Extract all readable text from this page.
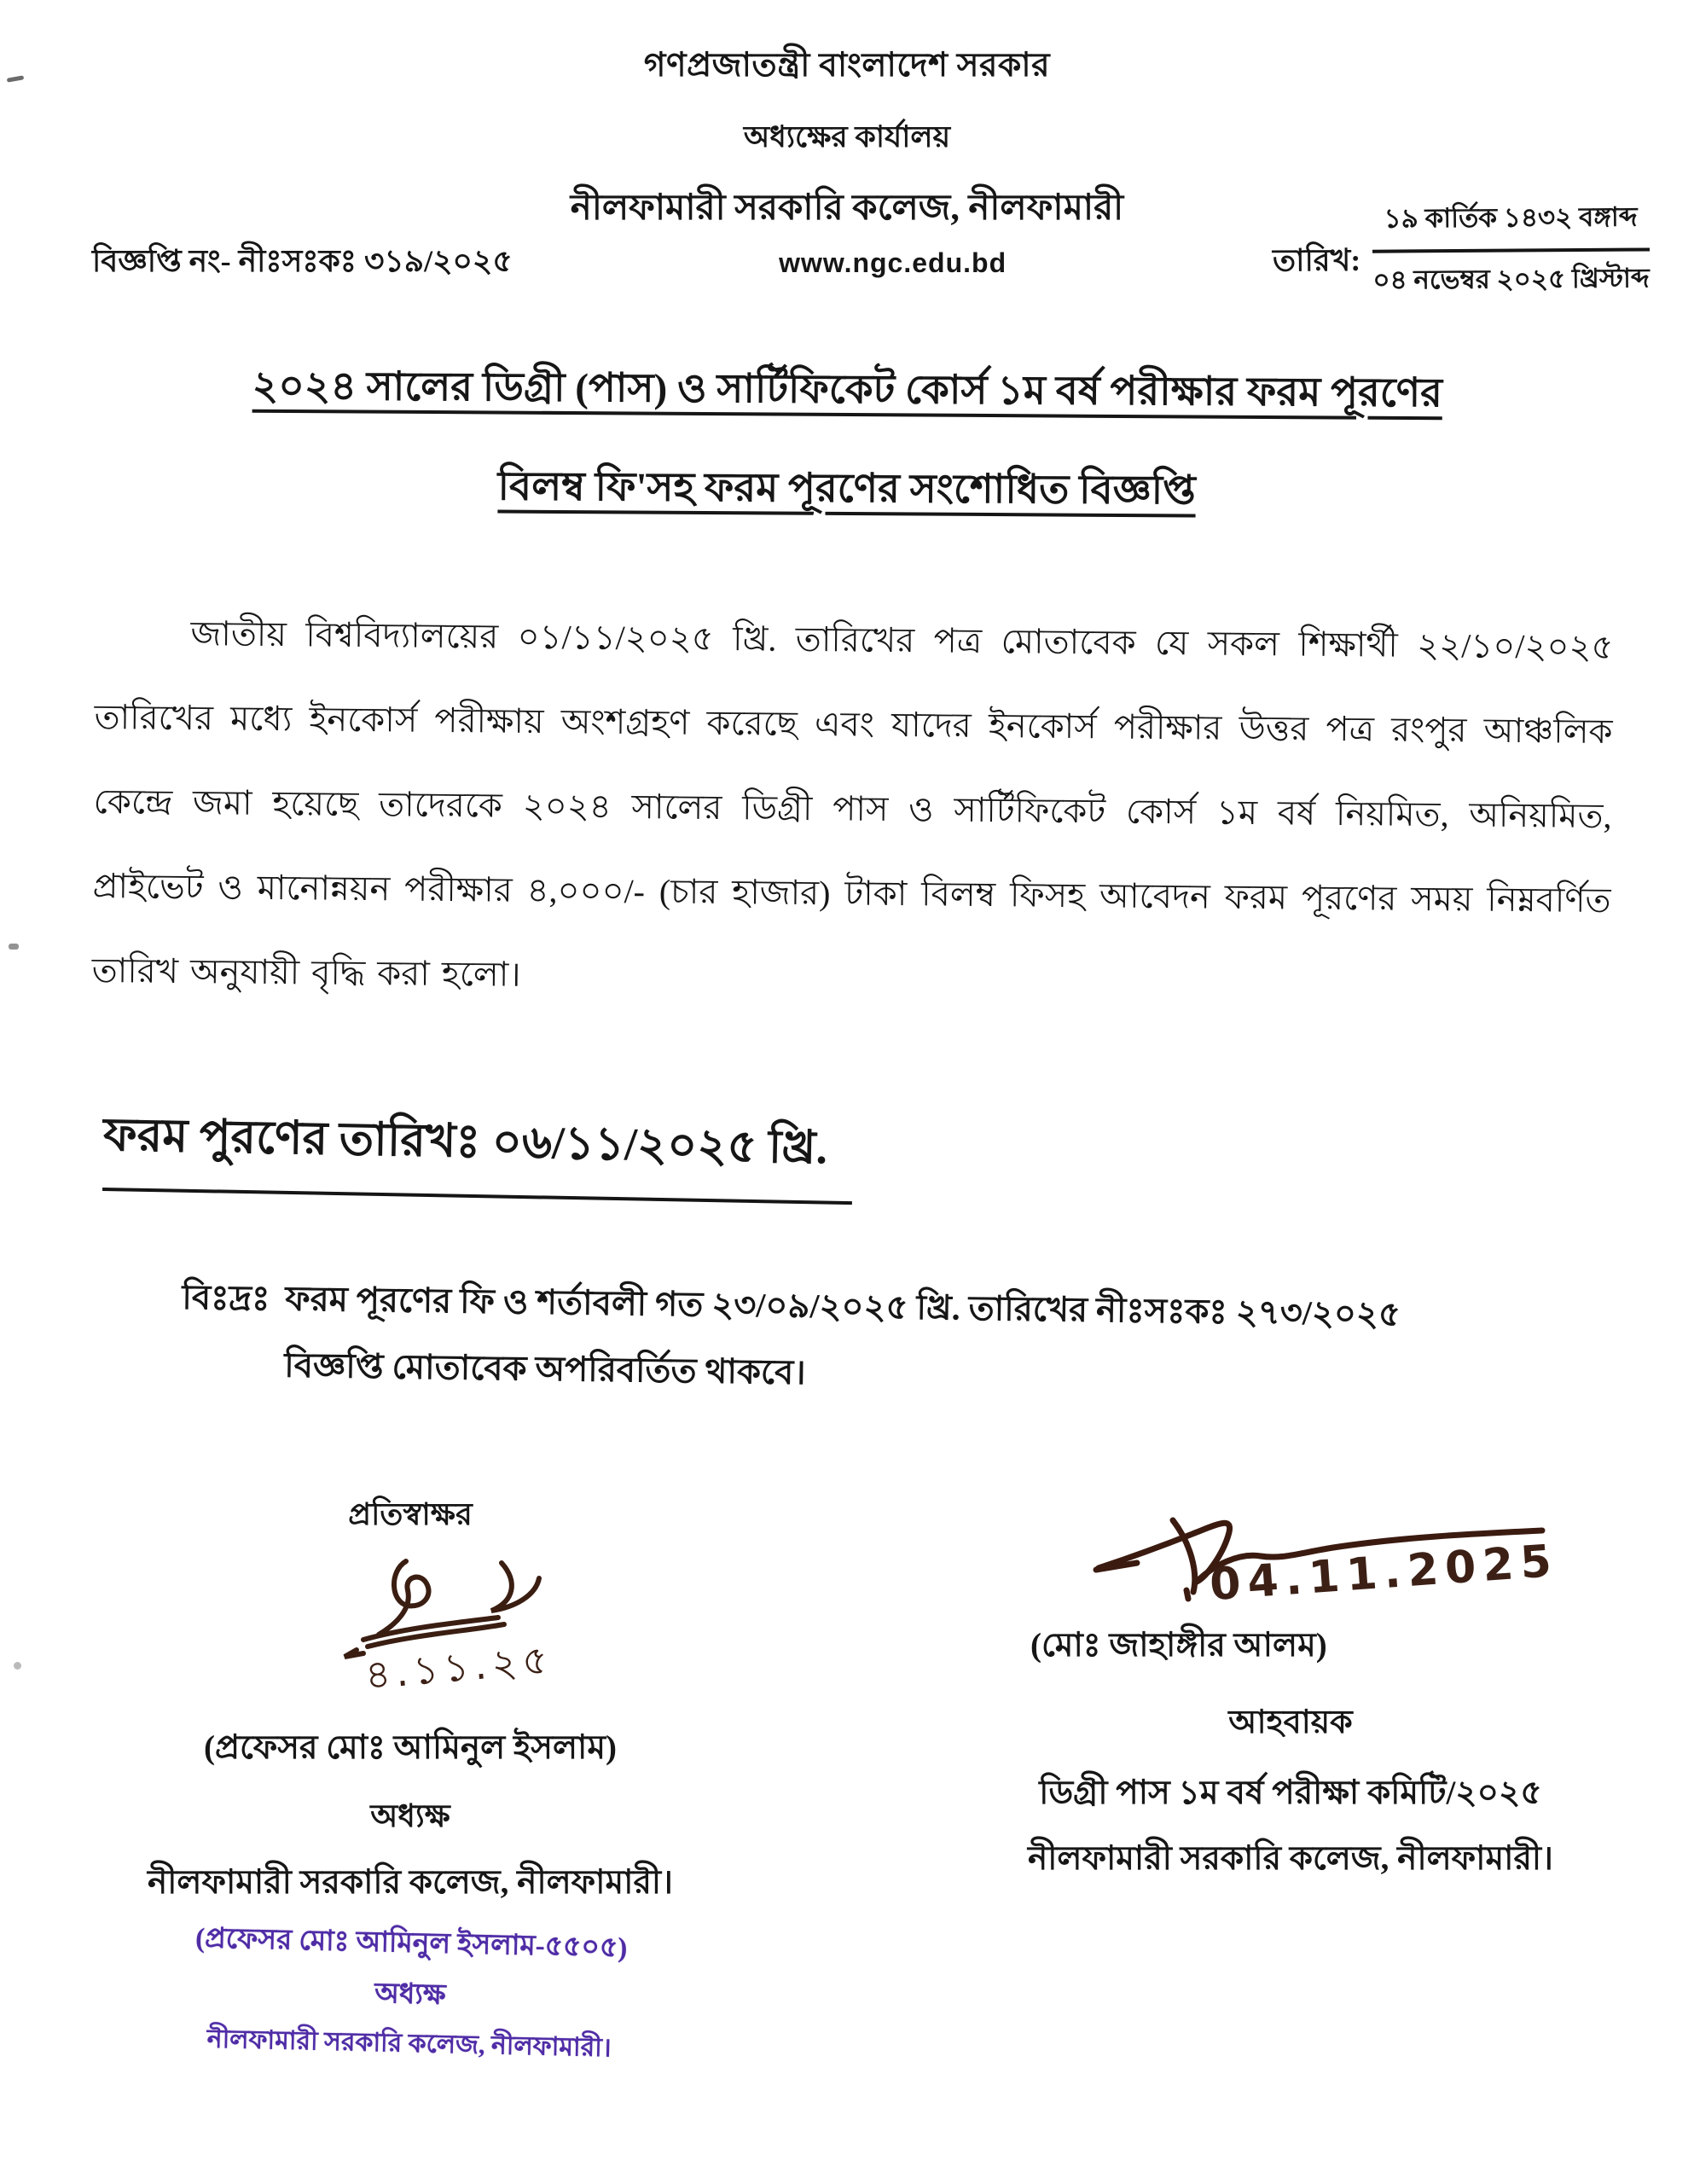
গণপ্রজাতন্ত্রী বাংলাদেশ সরকার
অধ্যক্ষের কার্যালয়
নীলফামারী সরকারি কলেজ, নীলফামারী
বিজ্ঞপ্তি নং- নীঃসঃকঃ ৩১৯/২০২৫	www.ngc.edu.bd	তারিখ: $\frac{\text{১৯ কার্তিক ১৪৩২ বঙ্গাব্দ}}{\text{০৪ নভেম্বর ২০২৫ খ্রিস্টাব্দ}}$
২০২৪ সালের ডিগ্রী (পাস) ও সার্টিফিকেট কোর্স ১ম বর্ষ পরীক্ষার ফরম পূরণের
বিলম্ব ফি'সহ ফরম পূরণের সংশোধিত বিজ্ঞপ্তি
জাতীয় বিশ্ববিদ্যালয়ের ০১/১১/২০২৫ খ্রি. তারিখের পত্র মোতাবেক যে সকল শিক্ষার্থী ২২/১০/২০২৫ তারিখের মধ্যে ইনকোর্স পরীক্ষায় অংশগ্রহণ করেছে এবং যাদের ইনকোর্স পরীক্ষার উত্তর পত্র রংপুর আঞ্চলিক কেন্দ্রে জমা হয়েছে তাদেরকে ২০২৪ সালের ডিগ্রী পাস ও সার্টিফিকেট কোর্স ১ম বর্ষ নিয়মিত, অনিয়মিত, প্রাইভেট ও মানোন্নয়ন পরীক্ষার ৪,০০০/- (চার হাজার) টাকা বিলম্ব ফিসহ আবেদন ফরম পূরণের সময় নিম্নবর্ণিত তারিখ অনুযায়ী বৃদ্ধি করা হলো।
ফরম পুরণের তারিখঃ ০৬/১১/২০২৫ খ্রি.
বিঃদ্রঃ ফরম পূরণের ফি ও শর্তাবলী গত ২৩/০৯/২০২৫ খ্রি. তারিখের নীঃসঃকঃ ২৭৩/২০২৫ বিজ্ঞপ্তি মোতাবেক অপরিবর্তিত থাকবে।
প্রতিস্বাক্ষর
৪.১১.২৫
(প্রফেসর মোঃ আমিনুল ইসলাম)
অধ্যক্ষ
নীলফামারী সরকারি কলেজ, নীলফামারী।
(প্রফেসর মোঃ আমিনুল ইসলাম-৫৫০৫)
অধ্যক্ষ
নীলফামারী সরকারি কলেজ, নীলফামারী।
04.11.2025
(মোঃ জাহাঙ্গীর আলম)
আহবায়ক
ডিগ্রী পাস ১ম বর্ষ পরীক্ষা কমিটি/২০২৫
নীলফামারী সরকারি কলেজ, নীলফামারী।
